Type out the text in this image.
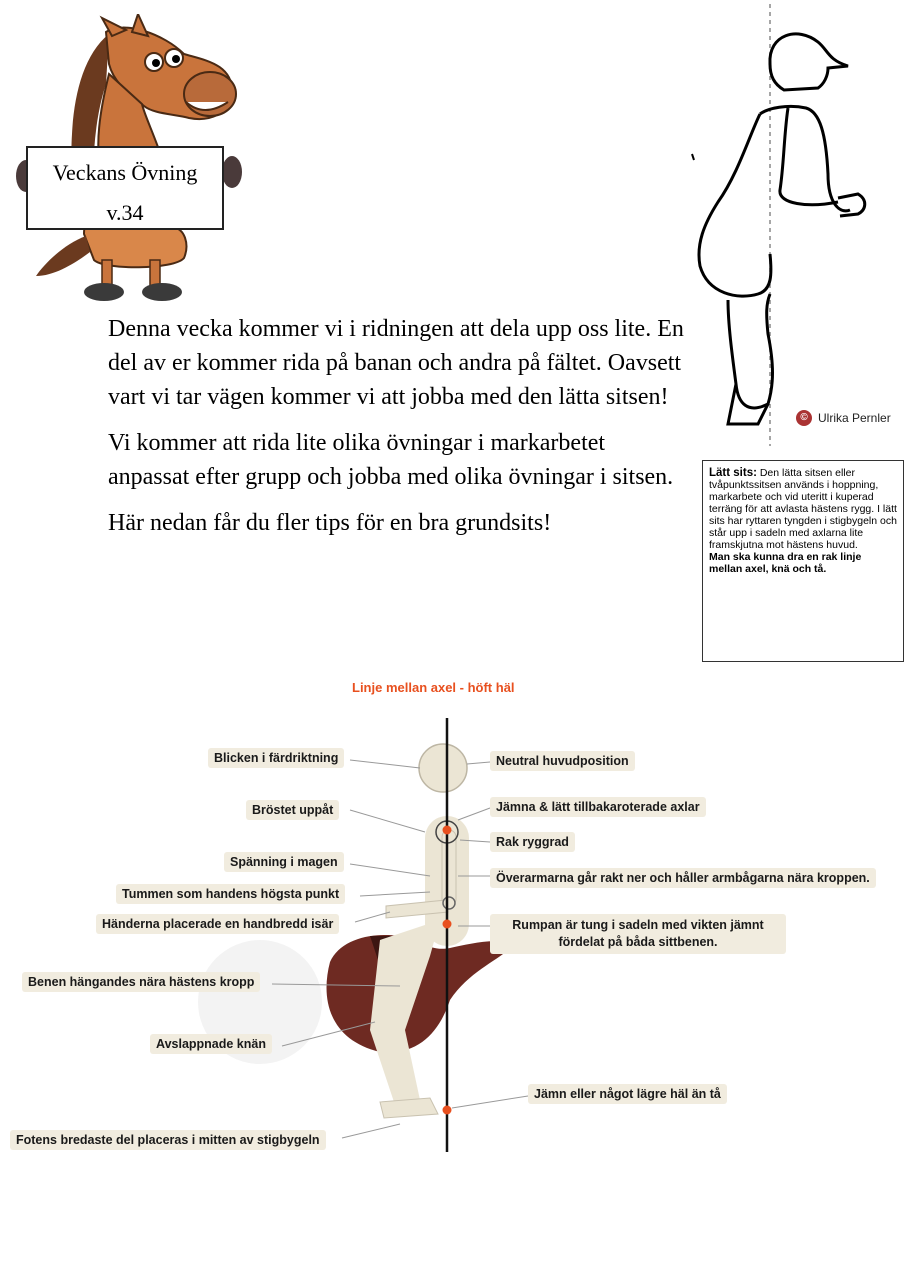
Veckans Övning
v.34

Denna vecka kommer vi i ridningen att dela upp oss lite. En del av er kommer rida på banan och andra på fältet. Oavsett vart vi tar vägen kommer vi att jobba med den lätta sitsen!

Vi kommer att rida lite olika övningar i markarbetet anpassat efter grupp och jobba med olika övningar i sitsen.

Här nedan får du fler tips för en bra grundsits!

© Ulrika Pernler
Lätt sits: Den lätta sitsen eller tvåpunktssitsen används i hoppning, markarbete och vid uteritt i kuperad terräng för att avlasta hästens rygg. I lätt sits har ryttaren tyngden i stigbygeln och står upp i sadeln med axlarna lite framskjutna mot hästens huvud.
Man ska kunna dra en rak linje mellan axel, knä och tå.
Linje mellan axel - höft häl
Blicken i färdriktning
Bröstet uppåt
Spänning i magen
Tummen som handens högsta punkt
Händerna placerade en handbredd isär
Benen hängandes nära hästens kropp
Avslappnade knän
Fotens bredaste del placeras i mitten av stigbygeln
Neutral huvudposition
Jämna & lätt tillbakaroterade axlar
Rak ryggrad
Överarmarna går rakt ner och håller armbågarna nära kroppen.
Rumpan är tung i sadeln med vikten jämnt fördelat på båda sittbenen.
Jämn eller något lägre häl än tå
